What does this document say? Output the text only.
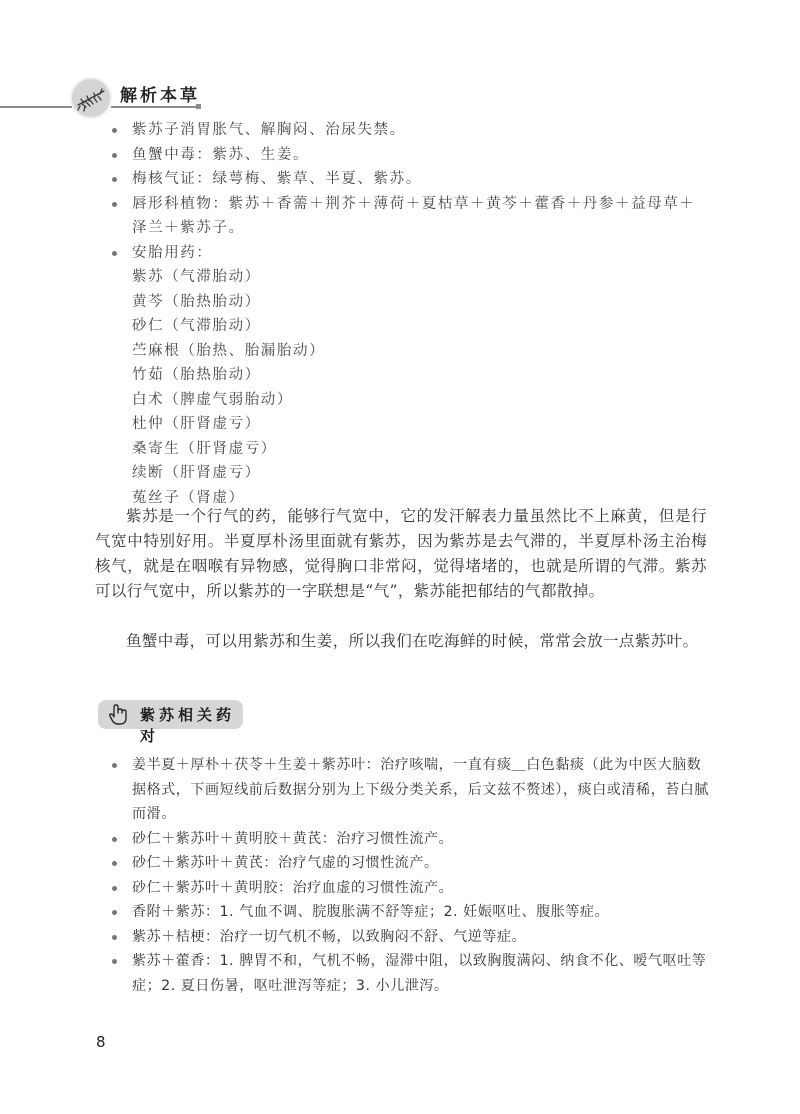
解析本草
紫苏子消胃胀气、解胸闷、治尿失禁。
鱼蟹中毒：紫苏、生姜。
梅核气证：绿萼梅、紫草、半夏、紫苏。
唇形科植物：紫苏＋香薷＋荆芥＋薄荷＋夏枯草＋黄芩＋藿香＋丹参＋益母草＋泽兰＋紫苏子。
安胎用药：
紫苏（气滞胎动）
黄芩（胎热胎动）
砂仁（气滞胎动）
苎麻根（胎热、胎漏胎动）
竹茹（胎热胎动）
白术（脾虚气弱胎动）
杜仲（肝肾虚亏）
桑寄生（肝肾虚亏）
续断（肝肾虚亏）
菟丝子（肾虚）

紫苏是一个行气的药，能够行气宽中，它的发汗解表力量虽然比不上麻黄，但是行气宽中特别好用。半夏厚朴汤里面就有紫苏，因为紫苏是去气滞的，半夏厚朴汤主治梅核气，就是在咽喉有异物感，觉得胸口非常闷，觉得堵堵的，也就是所谓的气滞。紫苏可以行气宽中，所以紫苏的一字联想是“气”，紫苏能把郁结的气都散掉。

鱼蟹中毒，可以用紫苏和生姜，所以我们在吃海鲜的时候，常常会放一点紫苏叶。

紫苏相关药对
姜半夏＋厚朴＋茯苓＋生姜＋紫苏叶：治疗咳喘，一直有痰＿白色黏痰（此为中医大脑数据格式，下画短线前后数据分别为上下级分类关系，后文兹不赘述），痰白或清稀，苔白腻而滑。
砂仁＋紫苏叶＋黄明胶＋黄芪：治疗习惯性流产。
砂仁＋紫苏叶＋黄芪：治疗气虚的习惯性流产。
砂仁＋紫苏叶＋黄明胶：治疗血虚的习惯性流产。
香附＋紫苏：1. 气血不调、脘腹胀满不舒等症；2. 妊娠呕吐、腹胀等症。
紫苏＋桔梗：治疗一切气机不畅，以致胸闷不舒、气逆等症。
紫苏＋藿香：1. 脾胃不和，气机不畅，湿滞中阻，以致胸腹满闷、纳食不化、嗳气呕吐等症；2. 夏日伤暑，呕吐泄泻等症；3. 小儿泄泻。
8
